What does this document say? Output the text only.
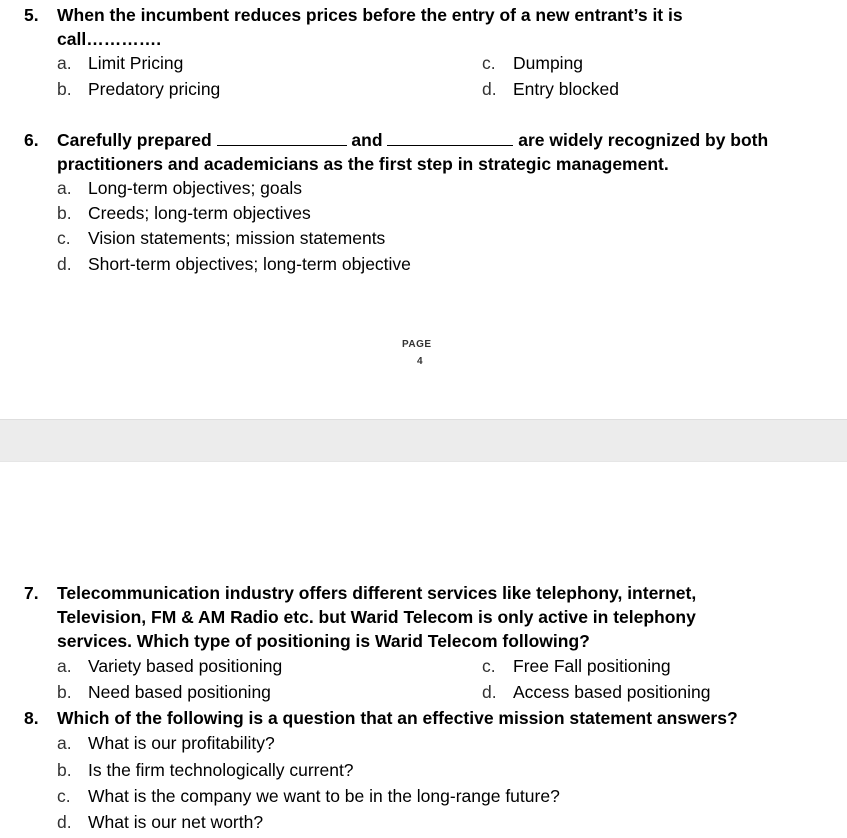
5.	When the incumbent reduces prices before the entry of a new entrant’s it is
call………….
a. Limit Pricing
b. Predatory pricing
c. Dumping
d. Entry blocked
6.	Carefully prepared	and	are widely recognized by both
practitioners and academicians as the first step in strategic management.
a. Long-term objectives; goals
b. Creeds; long-term objectives
c. Vision statements; mission statements
d. Short-term objectives; long-term objective
PAGE
4
7.	Telecommunication industry offers different services like telephony, internet,
Television, FM & AM Radio etc. but Warid Telecom is only active in telephony
services. Which type of positioning is Warid Telecom following?
a. Variety based positioning
b. Need based positioning
c. Free Fall positioning
d. Access based positioning
8.	Which of the following is a question that an effective mission statement answers?
a. What is our profitability?
b. Is the firm technologically current?
c. What is the company we want to be in the long-range future?
d. What is our net worth?
